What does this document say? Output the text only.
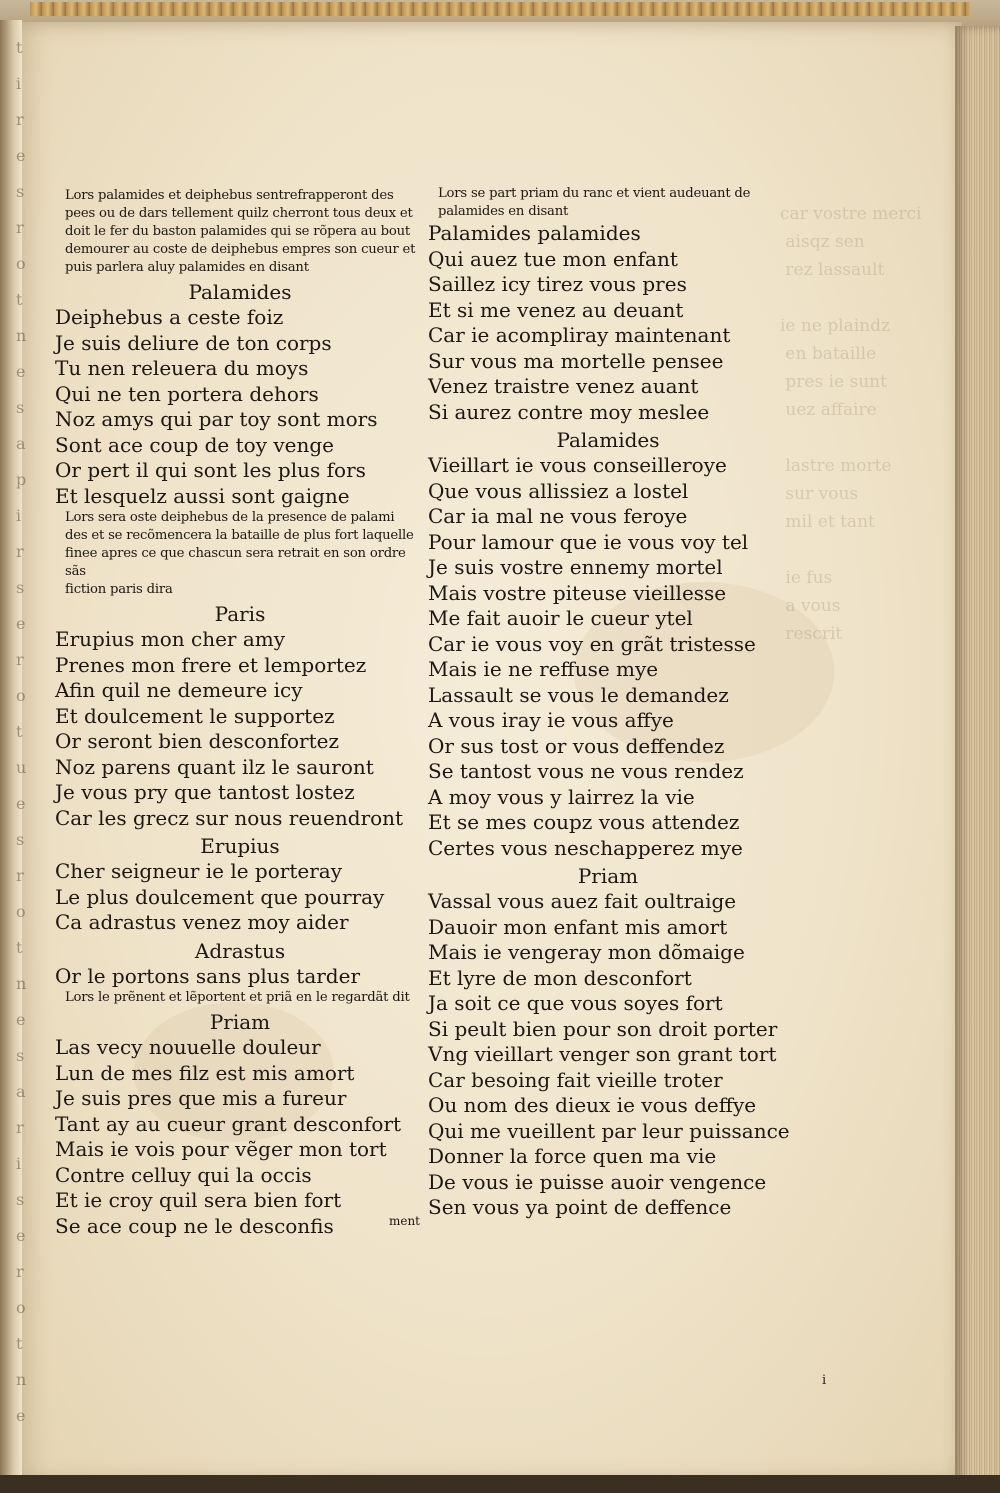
t
i
r
e
s
r
o
t
n
e
s
a
p
i
r
s
e
r
o
t
u
e
s
r
o
t
n
e
s
a
r
i
s
e
r
o
t
n
e
car vostre merci
aisqz sen
rez lassault

ie ne plaindz
en bataille
pres ie sunt
uez affaire

lastre morte
sur vous
mil et tant

ie fus
a vous
rescrit
Lors palamides et deiphebus sentrefrapperont des
pees ou de dars tellement quilz cherront tous deux et
doit le fer du baston palamides qui se rõpera au bout
demourer au coste de deiphebus empres son cueur et
puis parlera aluy palamides en disant
Palamides
Deiphebus a ceste foiz
Je suis deliure de ton corps
Tu nen releuera du moys
Qui ne ten portera dehors
Noz amys qui par toy sont mors
Sont ace coup de toy venge
Or pert il qui sont les plus fors
Et lesquelz aussi sont gaigne
Lors sera oste deiphebus de la presence de palami
des et se recõmencera la bataille de plus fort laquelle
finee apres ce que chascun sera retrait en son ordre sãs
fiction paris dira
Paris
Erupius mon cher amy
Prenes mon frere et lemportez
Afin quil ne demeure icy
Et doulcement le supportez
Or seront bien desconfortez
Noz parens quant ilz le sauront
Je vous pry que tantost lostez
Car les grecz sur nous reuendront
Erupius
Cher seigneur ie le porteray
Le plus doulcement que pourray
Ca adrastus venez moy aider
Adrastus
Or le portons sans plus tarder
Lors le prẽnent et lẽportent et priã en le regardãt dit
Priam
Las vecy nouuelle douleur
Lun de mes filz est mis amort
Je suis pres que mis a fureur
Tant ay au cueur grant desconfort
Mais ie vois pour vẽger mon tort
Contre celluy qui la occis
Et ie croy quil sera bien fort
Se ace coup ne le desconfis
Lors se part priam du ranc et vient audeuant de
palamides en disant
Palamides palamides
Qui auez tue mon enfant
Saillez icy tirez vous pres
Et si me venez au deuant
Car ie acompliray maintenant
Sur vous ma mortelle pensee
Venez traistre venez auant
Si aurez contre moy meslee
Palamides
Vieillart ie vous conseilleroye
Que vous allissiez a lostel
Car ia mal ne vous feroye
Pour lamour que ie vous voy tel
Je suis vostre ennemy mortel
Mais vostre piteuse vieillesse
Me fait auoir le cueur ytel
Car ie vous voy en grãt tristesse
Mais ie ne reffuse mye
Lassault se vous le demandez
A vous iray ie vous affye
Or sus tost or vous deffendez
Se tantost vous ne vous rendez
A moy vous y lairrez la vie
Et se mes coupz vous attendez
Certes vous neschapperez mye
Priam
Vassal vous auez fait oultraige
Dauoir mon enfant mis amort
Mais ie vengeray mon dõmaige
Et lyre de mon desconfort
Ja soit ce que vous soyes fort
Si peult bien pour son droit porter
Vng vieillart venger son grant tort
Car besoing fait vieille troter
Ou nom des dieux ie vous deffye
Qui me vueillent par leur puissance
Donner la force quen ma vie
De vous ie puisse auoir vengence
Sen vous ya point de deffence
ment
i
